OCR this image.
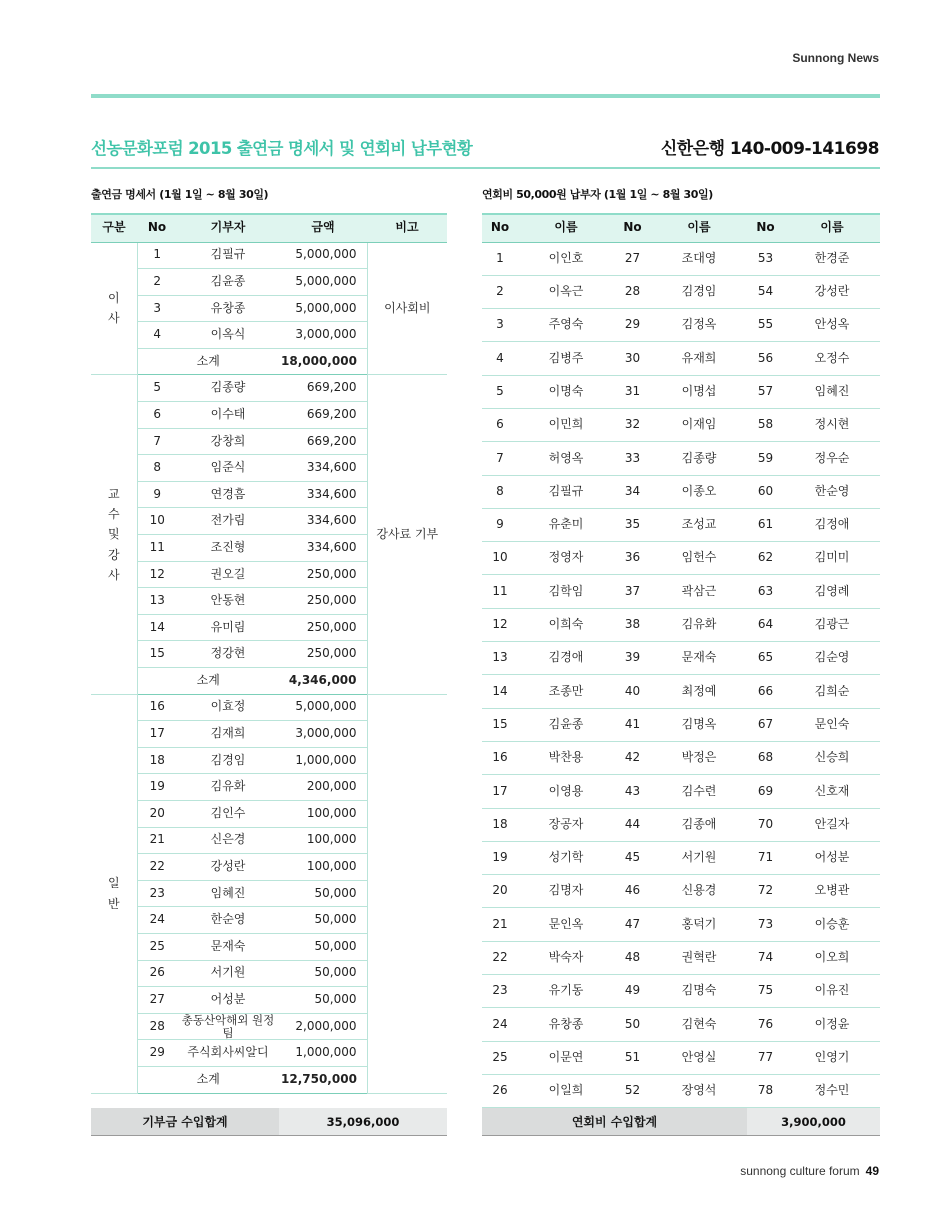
Sunnong News
선농문화포럼 2015 출연금 명세서 및 연회비 납부현황	신한은행 140-009-141698
출연금 명세서 (1월 1일 ~ 8월 30일)	연회비 50,000원 납부자 (1월 1일 ~ 8월 30일)
구분	No	기부자	금액	비고
이
사	1	김필규	5,000,000	이사회비
	2	김윤종	5,000,000	
	3	유창종	5,000,000	
	4	이옥식	3,000,000	
	소계		18,000,000	
교
수
및
강
사	5	김종량	669,200	강사료 기부
	6	이수태	669,200	
	7	강창희	669,200	
	8	임준식	334,600	
	9	연경흠	334,600	
	10	전가림	334,600	
	11	조진형	334,600	
	12	권오길	250,000	
	13	안동현	250,000	
	14	유미림	250,000	
	15	정강현	250,000	
	소계		4,346,000	
일
반	16	이효정	5,000,000	
	17	김재희	3,000,000	
	18	김경임	1,000,000	
	19	김유화	200,000	
	20	김인수	100,000	
	21	신은경	100,000	
	22	강성란	100,000	
	23	임혜진	50,000	
	24	한순영	50,000	
	25	문재숙	50,000	
	26	서기원	50,000	
	27	어성분	50,000	
	28	총동산악해외 원정팀	2,000,000	
	29	주식회사씨알디	1,000,000	
	소계		12,750,000	
No	이름	No	이름	No	이름
1	이인호	27	조대영	53	한경준
2	이옥근	28	김경임	54	강성란
3	주영숙	29	김정옥	55	안성옥
4	김병주	30	유재희	56	오정수
5	이명숙	31	이명섭	57	임혜진
6	이민희	32	이재임	58	정시현
7	허영옥	33	김종량	59	정우순
8	김필규	34	이종오	60	한순영
9	유춘미	35	조성교	61	김정애
10	정영자	36	임헌수	62	김미미
11	김학임	37	곽삼근	63	김영례
12	이희숙	38	김유화	64	김광근
13	김경애	39	문재숙	65	김순영
14	조종만	40	최정예	66	김희순
15	김윤종	41	김명옥	67	문인숙
16	박찬용	42	박정은	68	신승희
17	이영용	43	김수련	69	신호재
18	장공자	44	김종애	70	안길자
19	성기학	45	서기원	71	어성분
20	김명자	46	신용경	72	오병관
21	문인옥	47	홍덕기	73	이승훈
22	박숙자	48	권혁란	74	이오희
23	유기동	49	김명숙	75	이유진
24	유창종	50	김현숙	76	이정윤
25	이문연	51	안영실	77	인영기
26	이일희	52	장영석	78	정수민
기부금 수입합계	35,096,000	연회비 수입합계	3,900,000
sunnong culture forum 49
